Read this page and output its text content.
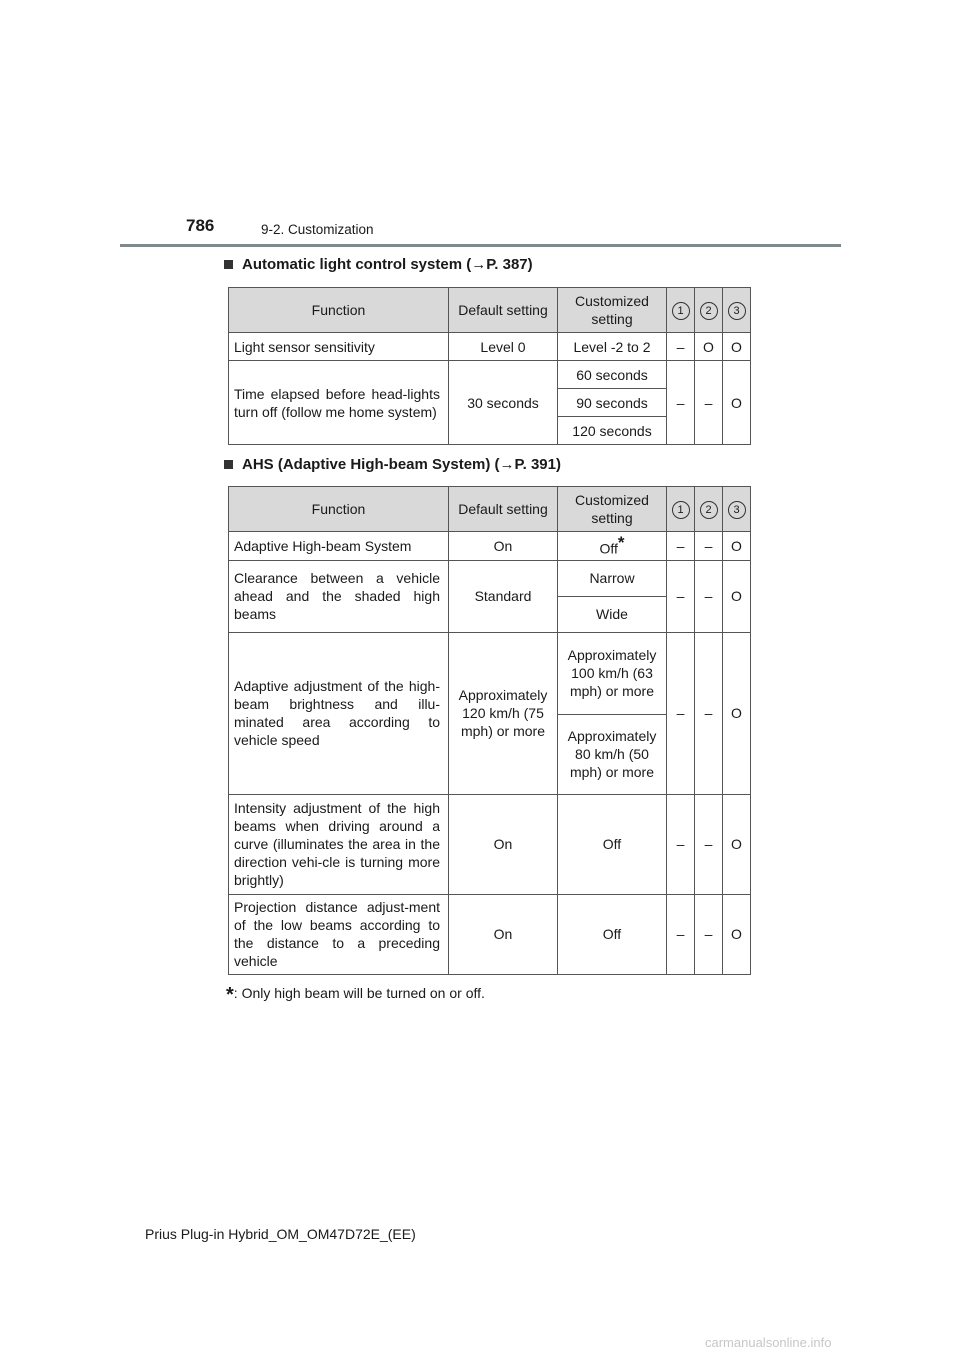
786	9-2. Customization
Automatic light control system (→P. 387)
Function	Default setting	Customized setting	1	2	3
Light sensor sensitivity	Level 0	Level -2 to 2	–	O	O
Time elapsed before head-lights turn off (follow me home system)	30 seconds	60 seconds	–	–	O
		90 seconds			
		120 seconds			
AHS (Adaptive High-beam System) (→P. 391)
Function	Default setting	Customized setting	1	2	3
Adaptive High-beam System	On	Off*	–	–	O
Clearance between a vehicle ahead and the shaded high beams	Standard	Narrow	–	–	O
		Wide			
Adaptive adjustment of the high-beam brightness and illu-minated area according to vehicle speed	Approximately 120 km/h (75 mph) or more	Approximately 100 km/h (63 mph) or more	–	–	O
		Approximately 80 km/h (50 mph) or more			
Intensity adjustment of the high beams when driving around a curve (illuminates the area in the direction vehi-cle is turning more brightly)	On	Off	–	–	O
Projection distance adjust-ment of the low beams according to the distance to a preceding vehicle	On	Off	–	–	O
*: Only high beam will be turned on or off.
Prius Plug-in Hybrid_OM_OM47D72E_(EE)
carmanualsonline.info
